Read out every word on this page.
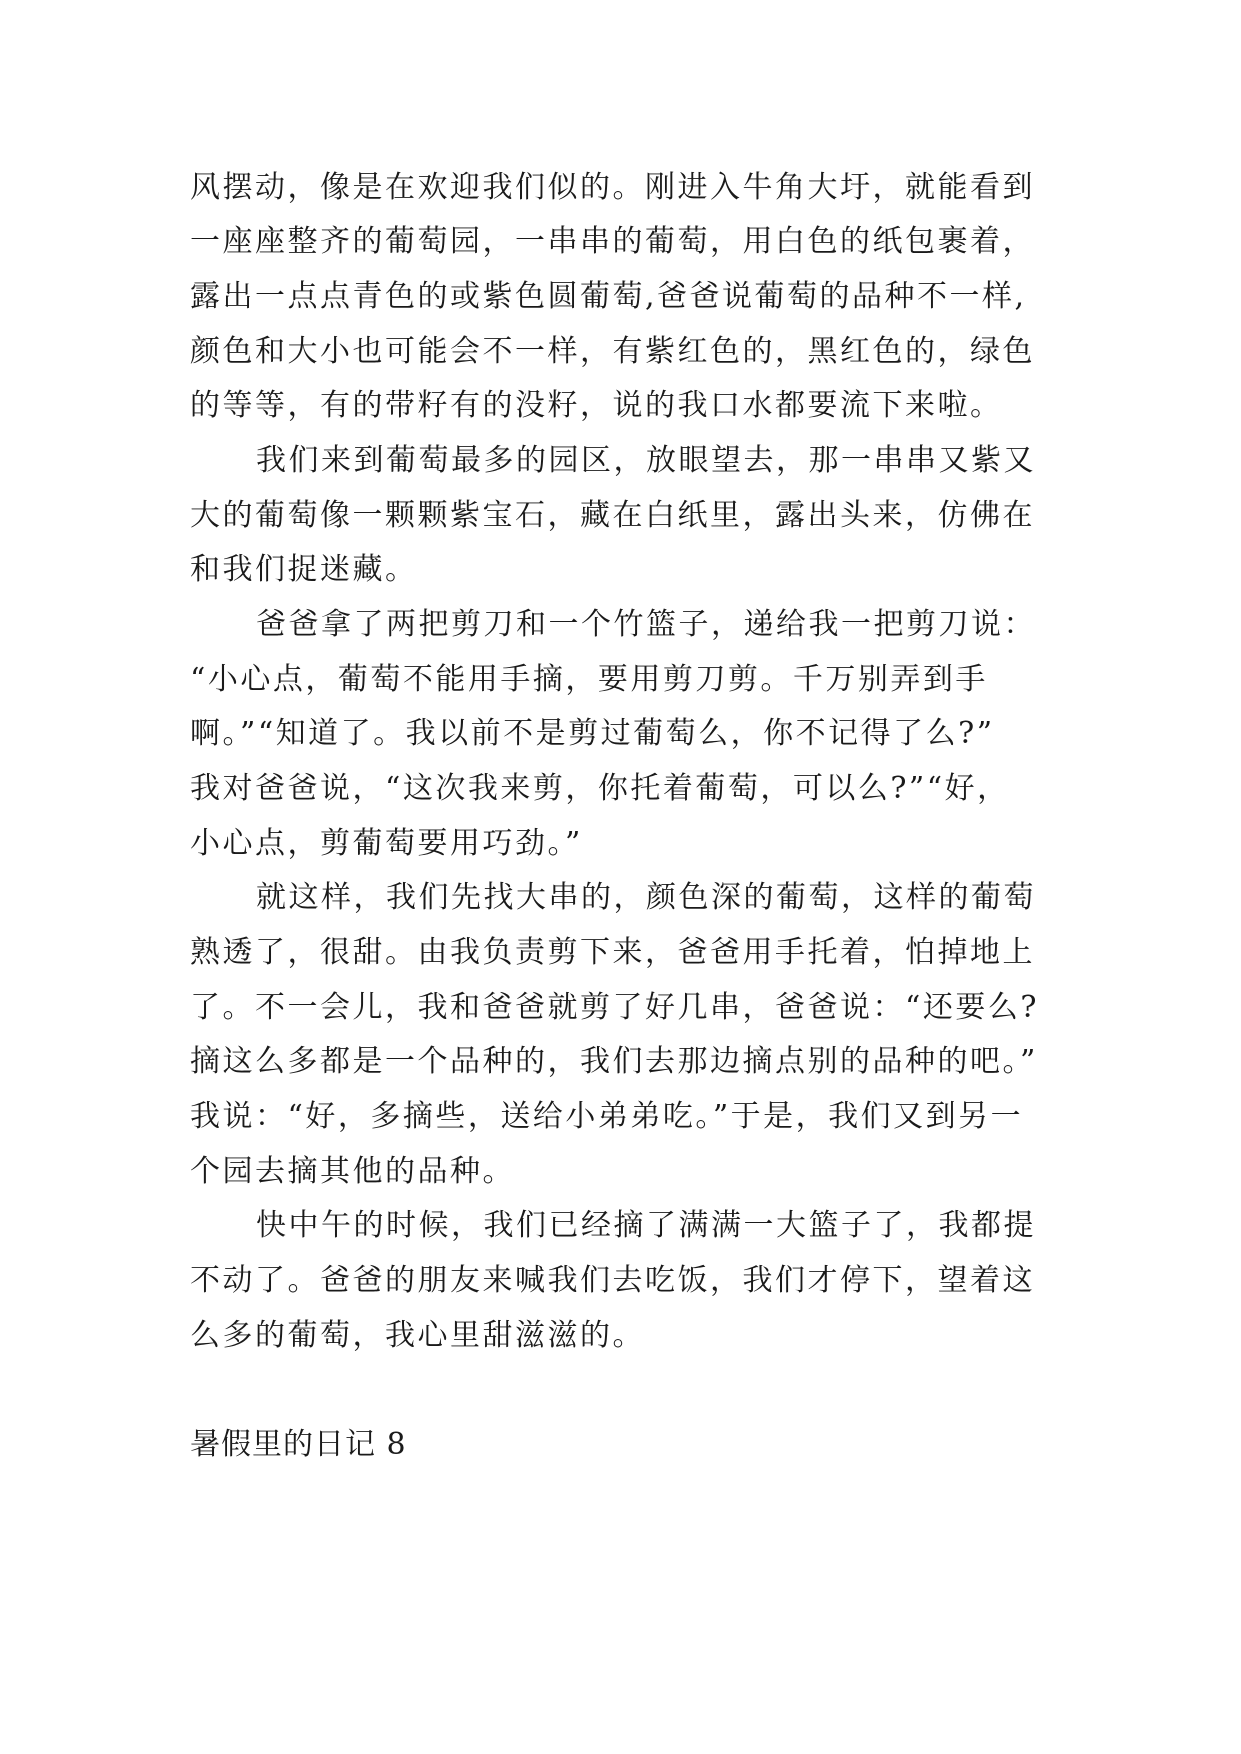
风摆动，像是在欢迎我们似的。刚进入牛角大圩，就能看到
一座座整齐的葡萄园，一串串的葡萄，用白色的纸包裹着，
露出一点点青色的或紫色圆葡萄,爸爸说葡萄的品种不一样,
颜色和大小也可能会不一样，有紫红色的，黑红色的，绿色
的等等，有的带籽有的没籽，说的我口水都要流下来啦。
我们来到葡萄最多的园区，放眼望去，那一串串又紫又
大的葡萄像一颗颗紫宝石，藏在白纸里，露出头来，仿佛在
和我们捉迷藏。
爸爸拿了两把剪刀和一个竹篮子，递给我一把剪刀说：
“小心点，葡萄不能用手摘，要用剪刀剪。千万别弄到手
啊。”“知道了。我以前不是剪过葡萄么，你不记得了么?”
我对爸爸说，“这次我来剪，你托着葡萄，可以么?”“好，
小心点，剪葡萄要用巧劲。”
就这样，我们先找大串的，颜色深的葡萄，这样的葡萄
熟透了，很甜。由我负责剪下来，爸爸用手托着，怕掉地上
了。不一会儿，我和爸爸就剪了好几串，爸爸说：“还要么?
摘这么多都是一个品种的，我们去那边摘点别的品种的吧。”
我说：“好，多摘些，送给小弟弟吃。”于是，我们又到另一
个园去摘其他的品种。
快中午的时候，我们已经摘了满满一大篮子了，我都提
不动了。爸爸的朋友来喊我们去吃饭，我们才停下，望着这
么多的葡萄，我心里甜滋滋的。
暑假里的日记 8
